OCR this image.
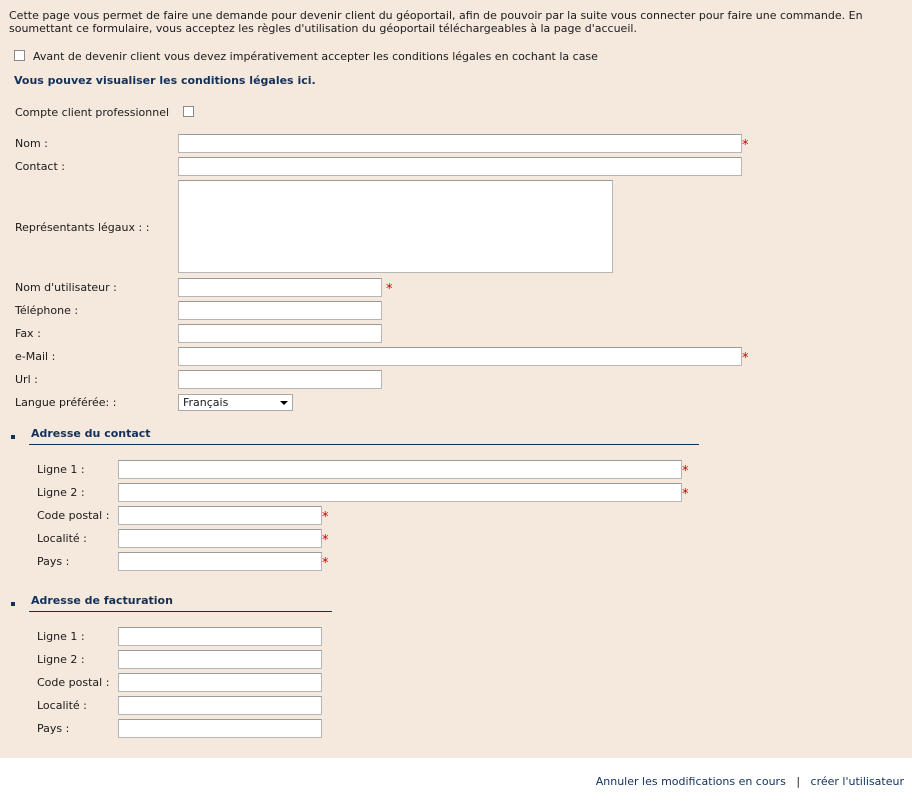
Cette page vous permet de faire une demande pour devenir client du géoportail, afin de pouvoir par la suite vous connecter pour faire une commande. En soumettant ce formulaire, vous acceptez les règles d'utilisation du géoportail téléchargeables à la page d'accueil.
Avant de devenir client vous devez impérativement accepter les conditions légales en cochant la case
Vous pouvez visualiser les conditions légales ici.
Compte client professionnel
Nom :	*
Contact :
Représentants légaux : :
Nom d'utilisateur :	*
Téléphone :
Fax :
e-Mail :	*
Url :
Langue préférée: :	Français
Adresse du contact
Ligne 1 :	*
Ligne 2 :	*
Code postal :	*
Localité :	*
Pays :	*
Adresse de facturation
Ligne 1 :
Ligne 2 :
Code postal :
Localité :
Pays :
Annuler les modifications en cours | créer l'utilisateur
